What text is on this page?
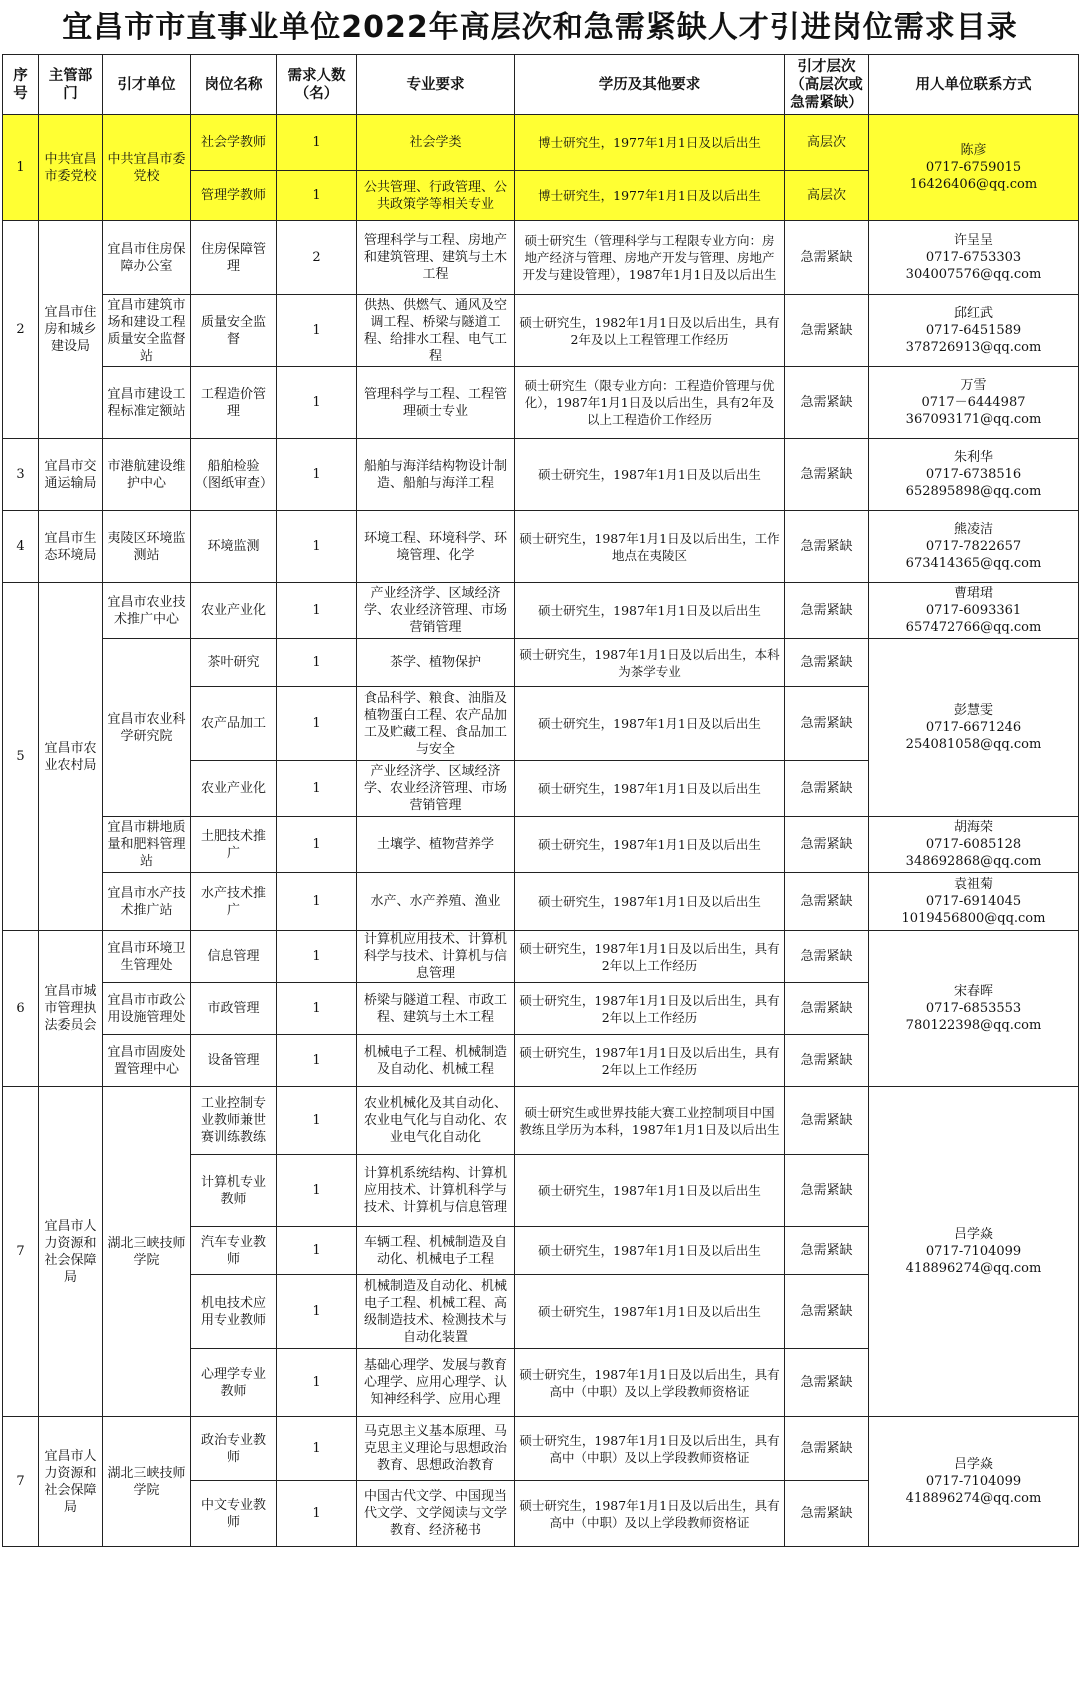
宜昌市市直事业单位2022年高层次和急需紧缺人才引进岗位需求目录
序号	主管部门	引才单位	岗位名称	需求人数（名）	专业要求	学历及其他要求	引才层次（高层次或急需紧缺）	用人单位联系方式
1	中共宜昌市委党校	中共宜昌市委党校	社会学教师	1	社会学类	博士研究生，1977年1月1日及以后出生	高层次	陈彦
0717-6759015
16426406@qq.com

			管理学教师	1	公共管理、行政管理、公共政策学等相关专业	博士研究生，1977年1月1日及以后出生	高层次	
2	宜昌市住房和城乡建设局	宜昌市住房保障办公室	住房保障管理	2	管理科学与工程、房地产和建筑管理、建筑与土木工程	硕士研究生（管理科学与工程限专业方向：房地产经济与管理、房地产开发与管理、房地产开发与建设管理），1987年1月1日及以后出生	急需紧缺	许呈呈
0717-6753303
304007576@qq.com

		宜昌市建筑市场和建设工程质量安全监督站	质量安全监督	1	供热、供燃气、通风及空调工程、桥梁与隧道工程、给排水工程、电气工程	硕士研究生，1982年1月1日及以后出生，具有2年及以上工程管理工作经历	急需紧缺	邱红武
0717-6451589
378726913@qq.com

		宜昌市建设工程标准定额站	工程造价管理	1	管理科学与工程、工程管理硕士专业	硕士研究生（限专业方向：工程造价管理与优化），1987年1月1日及以后出生，具有2年及以上工程造价工作经历	急需紧缺	万雪
0717－6444987
367093171@qq.com

3	宜昌市交通运输局	市港航建设维护中心	船舶检验（图纸审查）	1	船舶与海洋结构物设计制造、船舶与海洋工程	硕士研究生，1987年1月1日及以后出生	急需紧缺	朱利华
0717-6738516
652895898@qq.com

4	宜昌市生态环境局	夷陵区环境监测站	环境监测	1	环境工程、环境科学、环境管理、化学	硕士研究生，1987年1月1日及以后出生，工作地点在夷陵区	急需紧缺	熊凌洁
0717-7822657
673414365@qq.com

5	宜昌市农业农村局	宜昌市农业技术推广中心	农业产业化	1	产业经济学、区域经济学、农业经济管理、市场营销管理	硕士研究生，1987年1月1日及以后出生	急需紧缺	曹珺珺
0717-6093361
657472766@qq.com

		宜昌市农业科学研究院	茶叶研究	1	茶学、植物保护	硕士研究生，1987年1月1日及以后出生，本科为茶学专业	急需紧缺	彭慧雯
0717-6671246
254081058@qq.com

			农产品加工	1	食品科学、粮食、油脂及植物蛋白工程、农产品加工及贮藏工程、食品加工与安全	硕士研究生，1987年1月1日及以后出生	急需紧缺	
			农业产业化	1	产业经济学、区域经济学、农业经济管理、市场营销管理	硕士研究生，1987年1月1日及以后出生	急需紧缺	
		宜昌市耕地质量和肥料管理站	土肥技术推广	1	土壤学、植物营养学	硕士研究生，1987年1月1日及以后出生	急需紧缺	胡海荣
0717-6085128
348692868@qq.com

		宜昌市水产技术推广站	水产技术推广	1	水产、水产养殖、渔业	硕士研究生，1987年1月1日及以后出生	急需紧缺	袁祖菊
0717-6914045
1019456800@qq.com

6	宜昌市城市管理执法委员会	宜昌市环境卫生管理处	信息管理	1	计算机应用技术、计算机科学与技术、计算机与信息管理	硕士研究生，1987年1月1日及以后出生，具有2年以上工作经历	急需紧缺	宋春晖
0717-6853553
780122398@qq.com

		宜昌市市政公用设施管理处	市政管理	1	桥梁与隧道工程、市政工程、建筑与土木工程	硕士研究生，1987年1月1日及以后出生，具有2年以上工作经历	急需紧缺	
		宜昌市固废处置管理中心	设备管理	1	机械电子工程、机械制造及自动化、机械工程	硕士研究生，1987年1月1日及以后出生，具有2年以上工作经历	急需紧缺	
7	宜昌市人力资源和社会保障局	湖北三峡技师学院	工业控制专业教师兼世赛训练教练	1	农业机械化及其自动化、农业电气化与自动化、农业电气化自动化	硕士研究生或世界技能大赛工业控制项目中国教练且学历为本科，1987年1月1日及以后出生	急需紧缺	吕学焱
0717-7104099
418896274@qq.com

			计算机专业教师	1	计算机系统结构、计算机应用技术、计算机科学与技术、计算机与信息管理	硕士研究生，1987年1月1日及以后出生	急需紧缺	
			汽车专业教师	1	车辆工程、机械制造及自动化、机械电子工程	硕士研究生，1987年1月1日及以后出生	急需紧缺	
			机电技术应用专业教师	1	机械制造及自动化、机械电子工程、机械工程、高级制造技术、检测技术与自动化装置	硕士研究生，1987年1月1日及以后出生	急需紧缺	
			心理学专业教师	1	基础心理学、发展与教育心理学、应用心理学、认知神经科学、应用心理	硕士研究生，1987年1月1日及以后出生，具有高中（中职）及以上学段教师资格证	急需紧缺	
7	宜昌市人力资源和社会保障局	湖北三峡技师学院	政治专业教师	1	马克思主义基本原理、马克思主义理论与思想政治教育、思想政治教育	硕士研究生，1987年1月1日及以后出生，具有高中（中职）及以上学段教师资格证	急需紧缺	吕学焱
0717-7104099
418896274@qq.com

			中文专业教师	1	中国古代文学、中国现当代文学、文学阅读与文学教育、经济秘书	硕士研究生，1987年1月1日及以后出生，具有高中（中职）及以上学段教师资格证	急需紧缺	
